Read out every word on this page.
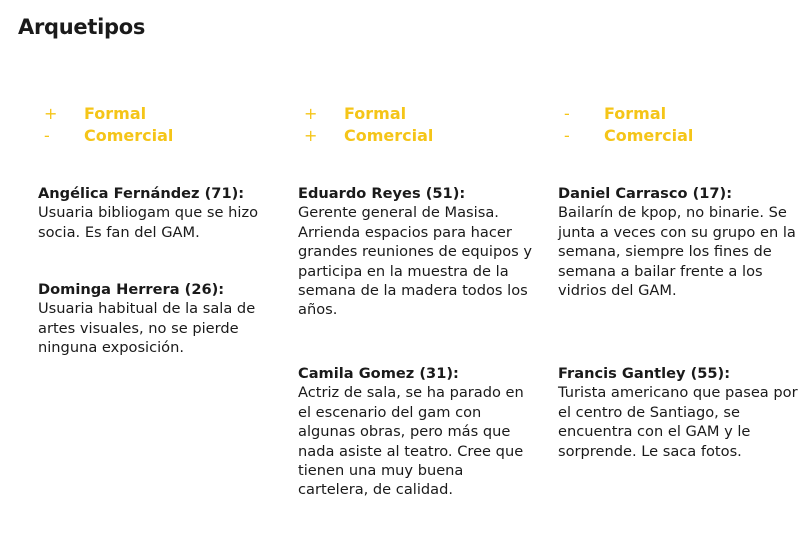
Arquetipos
+	Formal
-	Comercial
Angélica Fernández (71):
Usuaria bibliogam que se hizo socia. Es fan del GAM.
Dominga Herrera (26):
Usuaria habitual de la sala de artes visuales, no se pierde ninguna exposición.
+	Formal
+	Comercial
Eduardo Reyes (51):
Gerente general de Masisa. Arrienda espacios para hacer grandes reuniones de equipos y participa en la muestra de la semana de la madera todos los años.
Camila Gomez (31):
Actriz de sala, se ha parado en el escenario del gam con algunas obras, pero más que nada asiste al teatro. Cree que tienen una muy buena cartelera, de calidad.
-	Formal
-	Comercial
Daniel Carrasco (17):
Bailarín de kpop, no binarie. Se junta a veces con su grupo en la semana, siempre los fines de semana a bailar frente a los vidrios del GAM.
Francis Gantley (55):
Turista americano que pasea por el centro de Santiago, se encuentra con el GAM y le sorprende. Le saca fotos.
